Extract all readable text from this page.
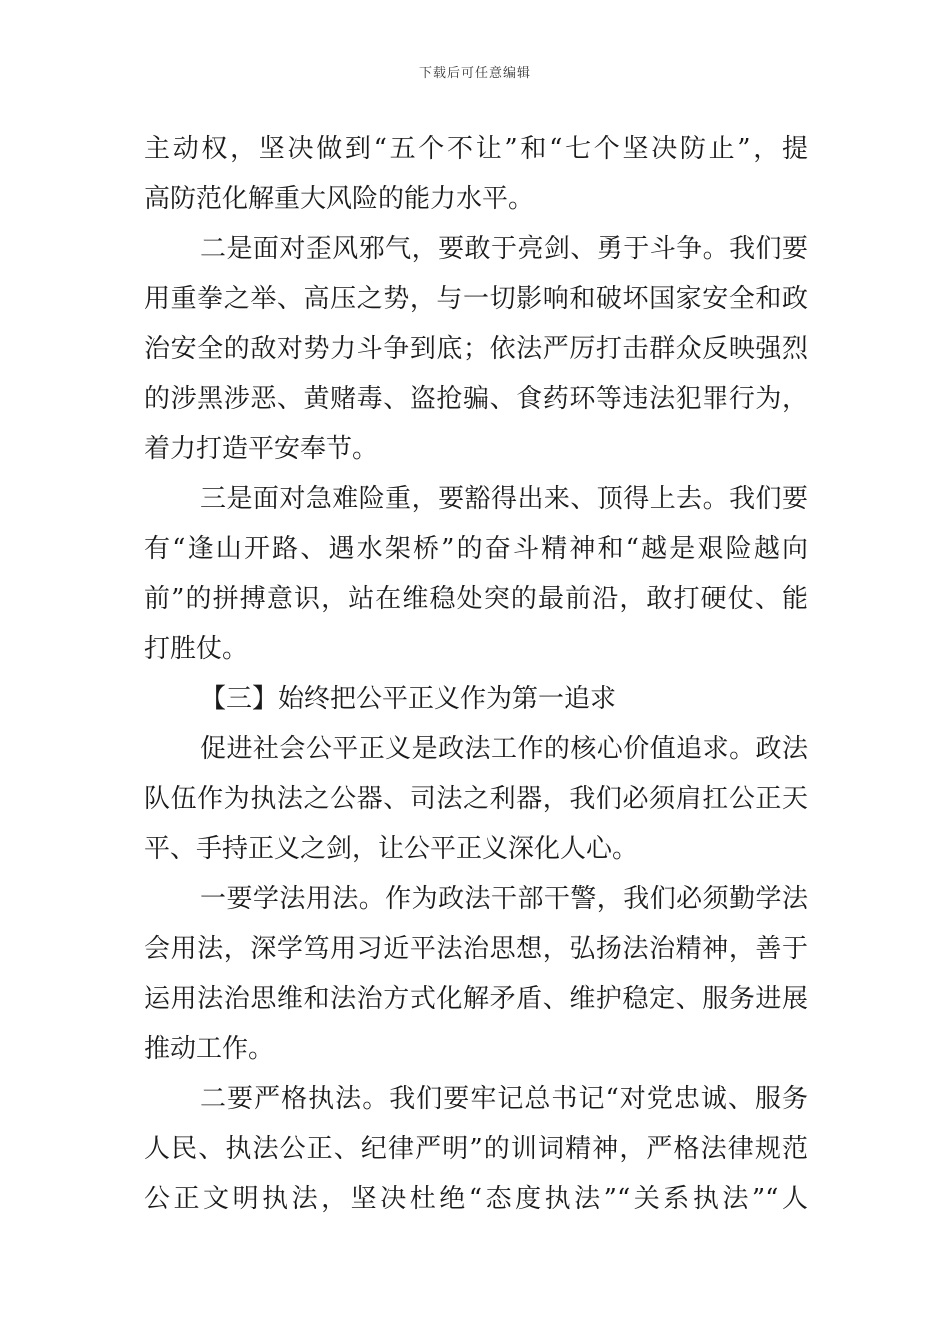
下载后可任意编辑
主动权，坚决做到“五个不让”和“七个坚决防止”，提
高防范化解重大风险的能力水平。
二是面对歪风邪气，要敢于亮剑、勇于斗争。我们要
用重拳之举、高压之势，与一切影响和破坏国家安全和政
治安全的敌对势力斗争到底；依法严厉打击群众反映强烈
的涉黑涉恶、黄赌毒、盗抢骗、食药环等违法犯罪行为，
着力打造平安奉节。
三是面对急难险重，要豁得出来、顶得上去。我们要
有“逢山开路、遇水架桥”的奋斗精神和“越是艰险越向
前”的拼搏意识，站在维稳处突的最前沿，敢打硬仗、能
打胜仗。
【三】始终把公平正义作为第一追求
促进社会公平正义是政法工作的核心价值追求。政法
队伍作为执法之公器、司法之利器，我们必须肩扛公正天
平、手持正义之剑，让公平正义深化人心。
一要学法用法。作为政法干部干警，我们必须勤学法
会用法，深学笃用习近平法治思想，弘扬法治精神，善于
运用法治思维和法治方式化解矛盾、维护稳定、服务进展
推动工作。
二要严格执法。我们要牢记总书记“对党忠诚、服务
人民、执法公正、纪律严明”的训词精神，严格法律规范
公正文明执法，坚决杜绝“态度执法”“关系执法”“人
